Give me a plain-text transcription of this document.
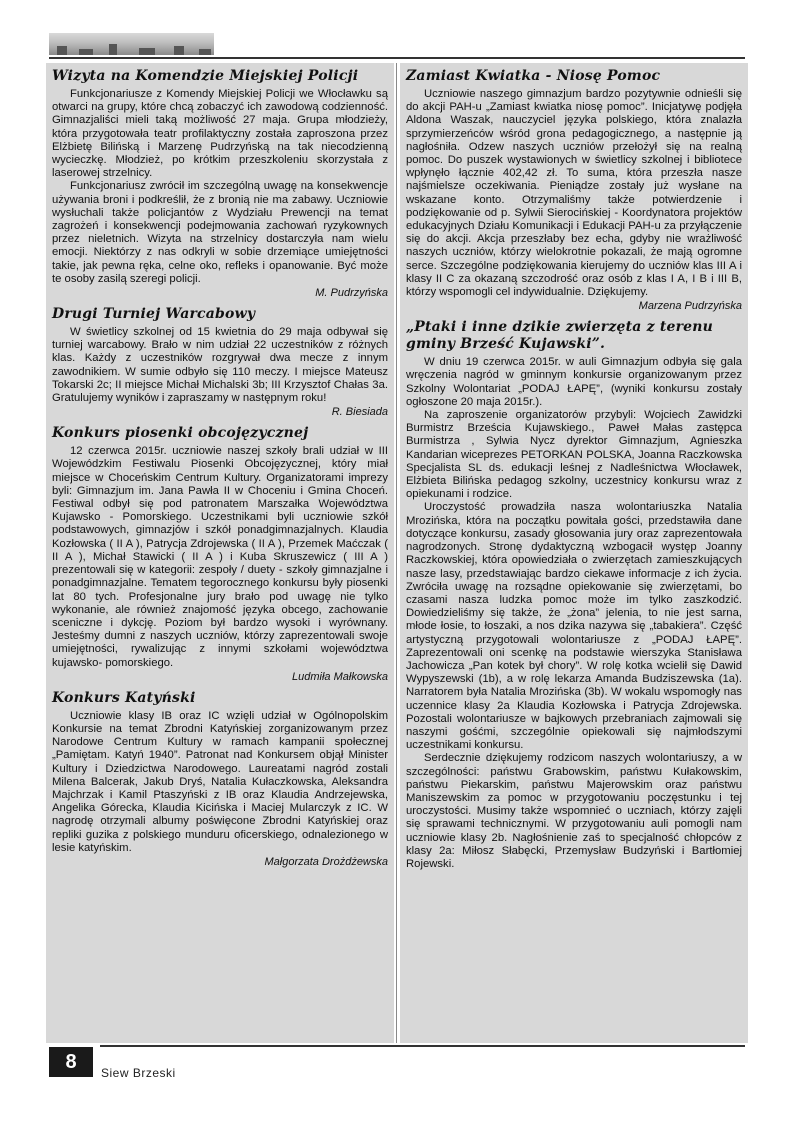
Wizyta na Komendzie Miejskiej Policji

Funkcjonariusze z Komendy Miejskiej Policji we Włocławku są otwarci na grupy, które chcą zobaczyć ich zawodową codzienność. Gimnazjaliści mieli taką możliwość 27 maja. Grupa młodzieży, która przygotowała teatr profilaktyczny została zaproszona przez Elżbietę Bilińską i Marzenę Pudrzyńską na tak niecodzienną wycieczkę. Młodzież, po krótkim przeszkoleniu skorzystała z laserowej strzelnicy.

Funkcjonariusz zwrócił im szczególną uwagę na konsekwencje używania broni i podkreślił, że z bronią nie ma zabawy. Uczniowie wysłuchali także policjantów z Wydziału Prewencji na temat zagrożeń i konsekwencji podejmowania zachowań ryzykownych przez nieletnich. Wizyta na strzelnicy dostarczyła nam wielu emocji. Niektórzy z nas odkryli w sobie drzemiące umiejętności takie, jak pewna ręka, celne oko, refleks i opanowanie. Być może te osoby zasilą szeregi policji.

M. Pudrzyńska
Drugi Turniej Warcabowy

W świetlicy szkolnej od 15 kwietnia do 29 maja odbywał się turniej warcabowy. Brało w nim udział 22 uczestników z różnych klas. Każdy z uczestników rozgrywał dwa mecze z innym zawodnikiem. W sumie odbyło się 110 meczy. I miejsce Mateusz Tokarski 2c; II miejsce Michał Michalski 3b; III Krzysztof Chałas 3a. Gratulujemy wyników i zapraszamy w następnym roku!

R. Biesiada
Konkurs piosenki obcojęzycznej

12 czerwca 2015r. uczniowie naszej szkoły brali udział w III Wojewódzkim Festiwalu Piosenki Obcojęzycznej, który miał miejsce w Choceńskim Centrum Kultury. Organizatorami imprezy byli: Gimnazjum im. Jana Pawła II w Choceniu i Gmina Choceń. Festiwal odbył się pod patronatem Marszałka Województwa Kujawsko - Pomorskiego. Uczestnikami byli uczniowie szkół podstawowych, gimnazjów i szkół ponadgimnazjalnych. Klaudia Kozłowska ( II A ), Patrycja Zdrojewska ( II A ), Przemek Maćczak ( II A ), Michał Stawicki ( II A ) i Kuba Skruszewicz ( III A ) prezentowali się w kategorii: zespoły / duety - szkoły gimnazjalne i ponadgimnazjalne. Tematem tegorocznego konkursu były piosenki lat 80 tych. Profesjonalne jury brało pod uwagę nie tylko wykonanie, ale również znajomość języka obcego, zachowanie sceniczne i dykcję. Poziom był bardzo wysoki i wyrównany. Jesteśmy dumni z naszych uczniów, którzy zaprezentowali swoje umiejętności, rywalizując z innymi szkołami województwa kujawsko- pomorskiego.

Ludmiła Małkowska
Konkurs Katyński

Uczniowie klasy IB oraz IC wzięli udział w Ogólnopolskim Konkursie na temat Zbrodni Katyńskiej zorganizowanym przez Narodowe Centrum Kultury w ramach kampanii społecznej „Pamiętam. Katyń 1940”. Patronat nad Konkursem objął Minister Kultury i Dziedzictwa Narodowego. Laureatami nagród zostali Milena Balcerak, Jakub Dryś, Natalia Kułaczkowska, Aleksandra Majchrzak i Kamil Ptaszyński z IB oraz Klaudia Andrzejewska, Angelika Górecka, Klaudia Kicińska i Maciej Mularczyk z IC. W nagrodę otrzymali albumy poświęcone Zbrodni Katyńskiej oraz repliki guzika z polskiego munduru oficerskiego, odnalezionego w lesie katyńskim.

Małgorzata Drożdżewska
Zamiast Kwiatka - Niosę Pomoc

Uczniowie naszego gimnazjum bardzo pozytywnie odnieśli się do akcji PAH-u „Zamiast kwiatka niosę pomoc”. Inicjatywę podjęła Aldona Waszak, nauczyciel języka polskiego, która znalazła sprzymierzeńców wśród grona pedagogicznego, a następnie ją nagłośniła. Odzew naszych uczniów przełożył się na realną pomoc. Do puszek wystawionych w świetlicy szkolnej i bibliotece wpłynęło łącznie 402,42 zł. To suma, która przeszła nasze najśmielsze oczekiwania. Pieniądze zostały już wysłane na wskazane konto. Otrzymaliśmy także potwierdzenie i podziękowanie od p. Sylwii Sierocińskiej - Koordynatora projektów edukacyjnych Działu Komunikacji i Edukacji PAH-u za przyłączenie się do akcji. Akcja przeszłaby bez echa, gdyby nie wrażliwość naszych uczniów, którzy wielokrotnie pokazali, że mają ogromne serce. Szczególne podziękowania kierujemy do uczniów klas III A i klasy II C za okazaną szczodrość oraz osób z klas I A, I B i III B, którzy wspomogli cel indywidualnie. Dziękujemy.

Marzena Pudrzyńska
„Ptaki i inne dzikie zwierzęta z terenu gminy Brześć Kujawski”.

W dniu 19 czerwca 2015r. w auli Gimnazjum odbyła się gala wręczenia nagród w gminnym konkursie organizowanym przez Szkolny Wolontariat „PODAJ ŁAPĘ”, (wyniki konkursu zostały ogłoszone 20 maja 2015r.).

Na zaproszenie organizatorów przybyli: Wojciech Zawidzki Burmistrz Brześcia Kujawskiego., Paweł Małas zastępca Burmistrza , Sylwia Nycz dyrektor Gimnazjum, Agnieszka Kandarian wiceprezes PETORKAN POLSKA, Joanna Raczkowska Specjalista SL ds. edukacji leśnej z Nadleśnictwa Włocławek, Elżbieta Bilińska pedagog szkolny, uczestnicy konkursu wraz z opiekunami i rodzice.

Uroczystość prowadziła nasza wolontariuszka Natalia Mrozińska, która na początku powitała gości, przedstawiła dane dotyczące konkursu, zasady głosowania jury oraz zaprezentowała nagrodzonych. Stronę dydaktyczną wzbogacił występ Joanny Raczkowskiej, która opowiedziała o zwierzętach zamieszkujących nasze lasy, przedstawiając bardzo ciekawe informacje z ich życia. Zwróciła uwagę na rozsądne opiekowanie się zwierzętami, bo czasami nasza ludzka pomoc może im tylko zaszkodzić. Dowiedzieliśmy się także, że „żona” jelenia, to nie jest sarna, młode łosie, to łoszaki, a nos dzika nazywa się „tabakiera”. Część artystyczną przygotowali wolontariusze z „PODAJ ŁAPĘ”. Zaprezentowali oni scenkę na podstawie wierszyka Stanisława Jachowicza „Pan kotek był chory”. W rolę kotka wcielił się Dawid Wypyszewski (1b), a w rolę lekarza Amanda Budziszewska (1a). Narratorem była Natalia Mrozińska (3b). W wokalu wspomogły nas uczennice klasy 2a Klaudia Kozłowska i Patrycja Zdrojewska. Pozostali wolontariusze w bajkowych przebraniach zajmowali się naszymi gośćmi, szczególnie opiekowali się najmłodszymi uczestnikami konkursu.

Serdecznie dziękujemy rodzicom naszych wolontariuszy, a w szczególności: państwu Grabowskim, państwu Kułakowskim, państwu Piekarskim, państwu Majerowskim oraz państwu Maniszewskim za pomoc w przygotowaniu poczęstunku i tej uroczystości. Musimy także wspomnieć o uczniach, którzy zajęli się sprawami technicznymi. W przygotowaniu auli pomogli nam uczniowie klasy 2b. Nagłośnienie zaś to specjalność chłopców z klasy 2a: Miłosz Słabęcki, Przemysław Budzyński i Bartłomiej Rojewski.

8	Siew Brzeski
